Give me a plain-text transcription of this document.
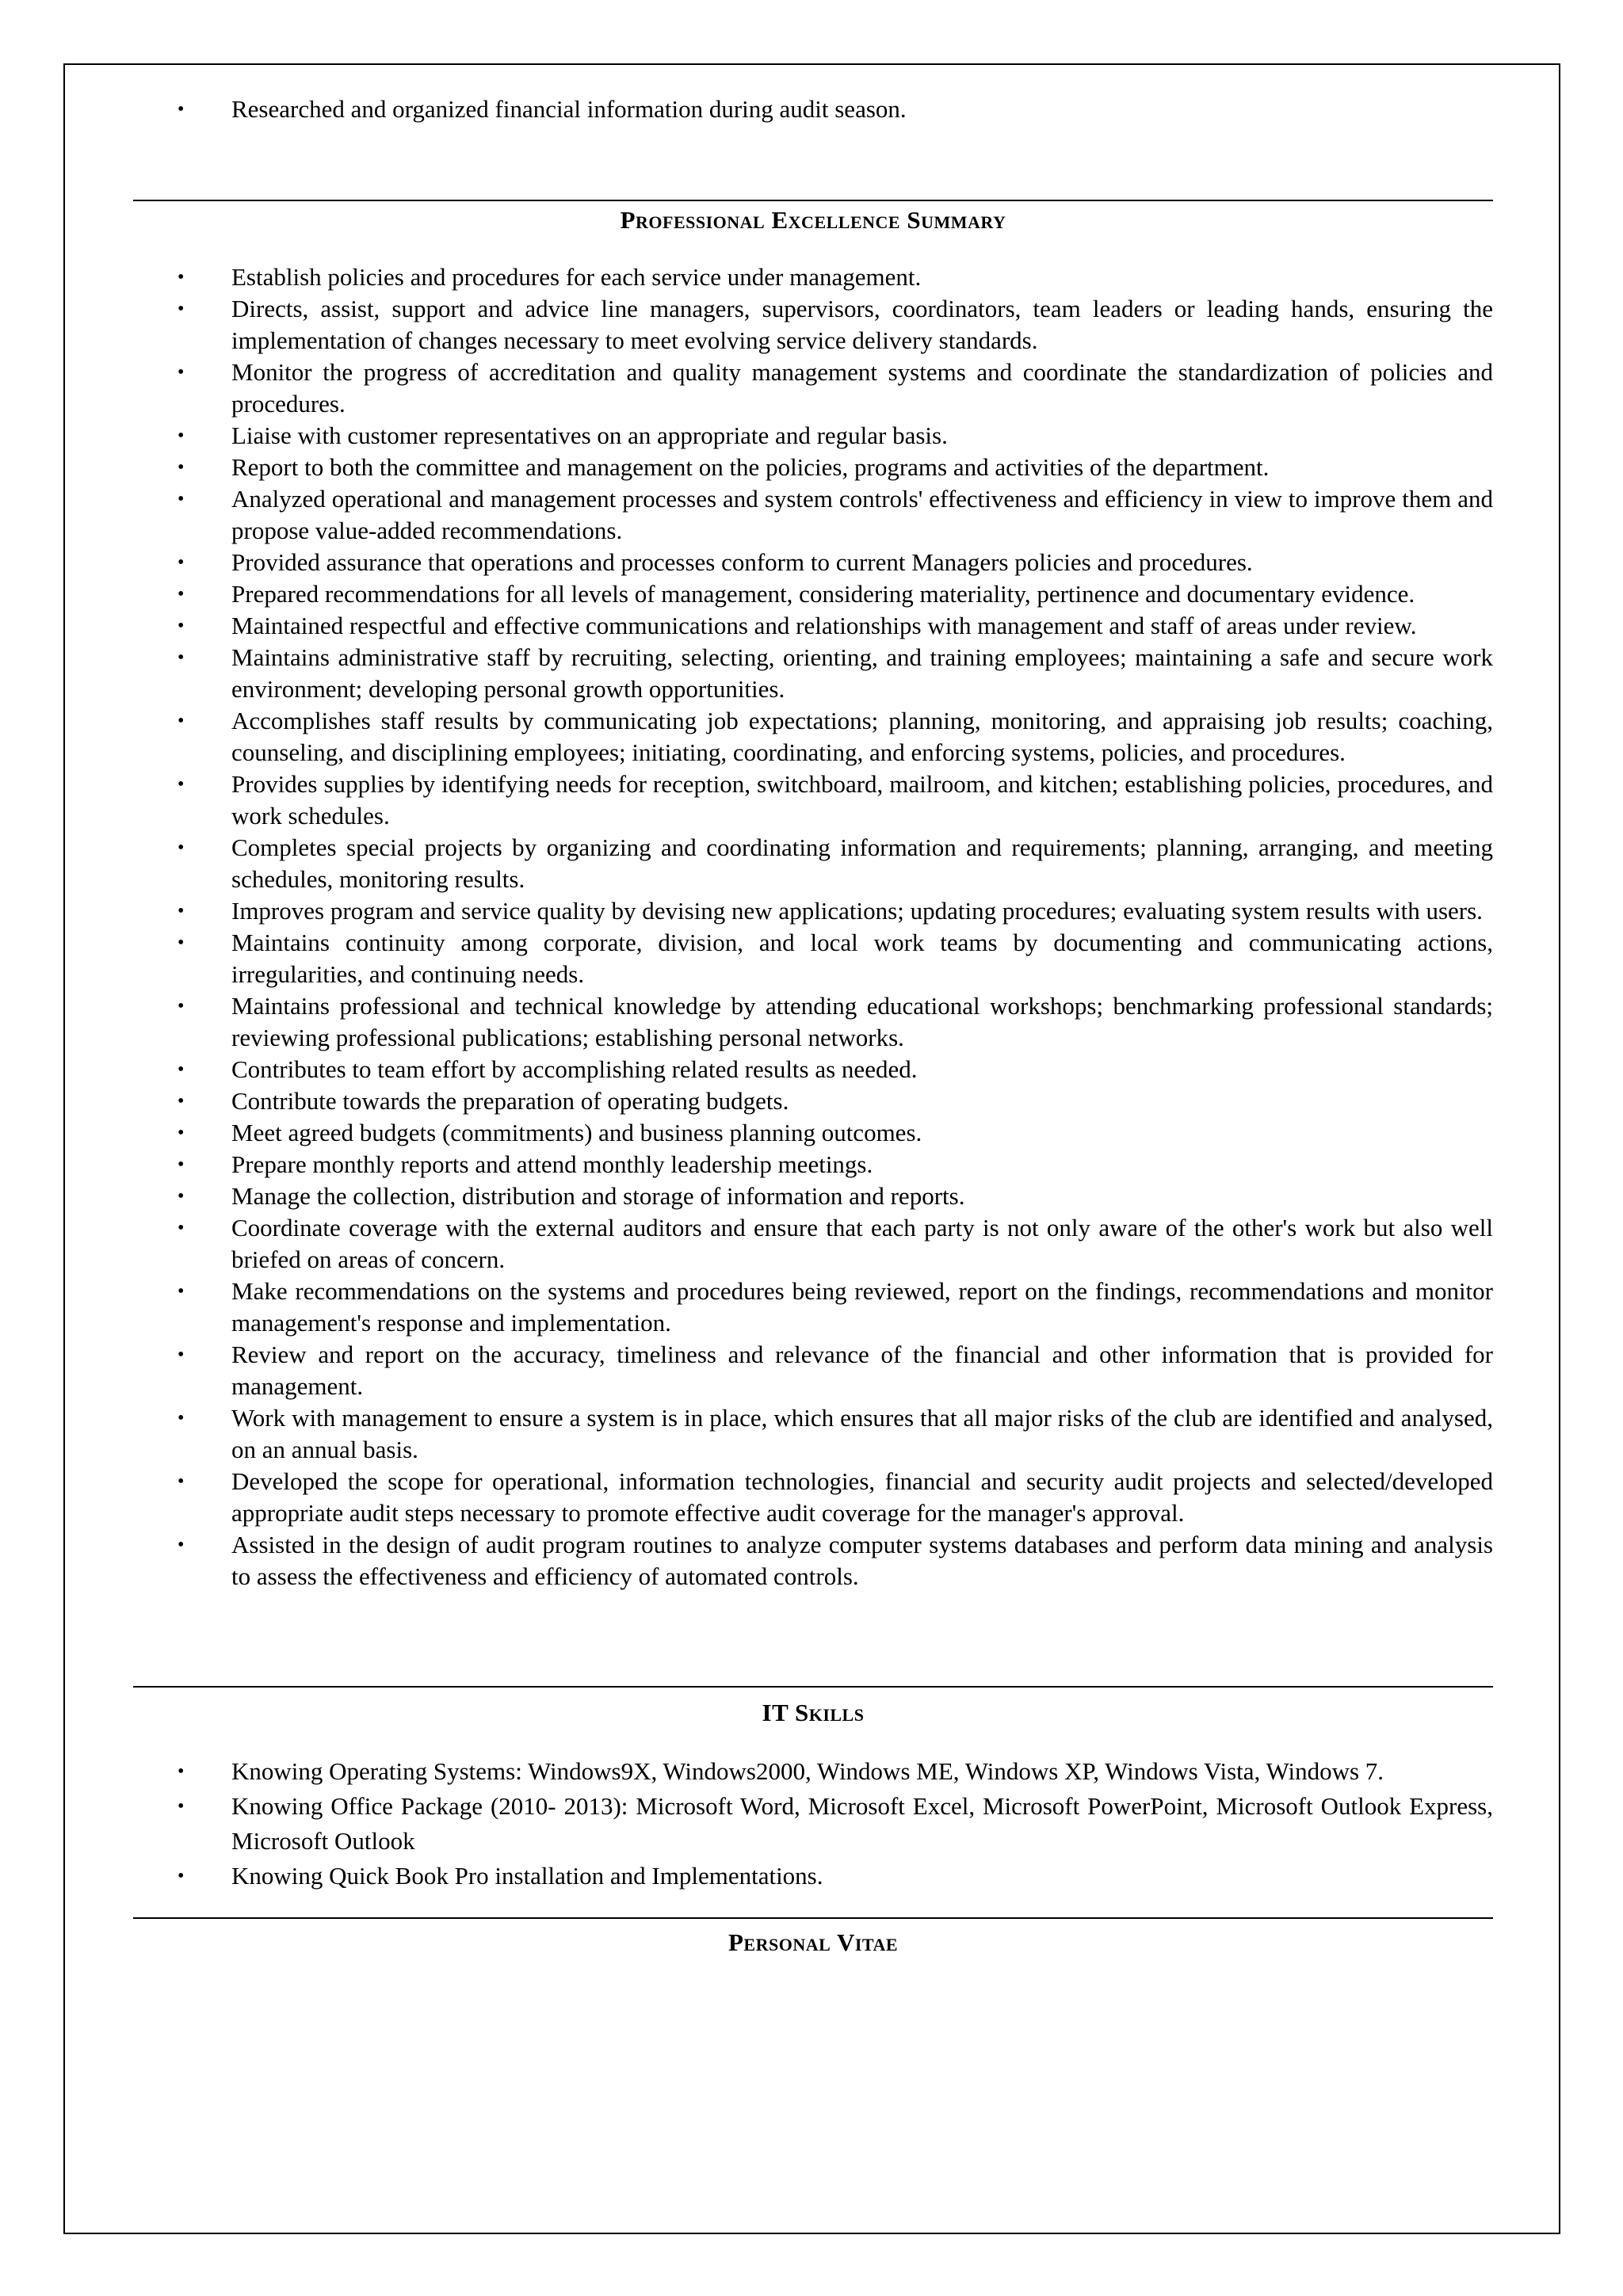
• Researched and organized financial information during audit season.
Professional Excellence Summary
• Establish policies and procedures for each service under management.
• Directs, assist, support and advice line managers, supervisors, coordinators, team leaders or leading hands, ensuring the implementation of changes necessary to meet evolving service delivery standards.
• Monitor the progress of accreditation and quality management systems and coordinate the standardization of policies and procedures.
• Liaise with customer representatives on an appropriate and regular basis.
• Report to both the committee and management on the policies, programs and activities of the department.
• Analyzed operational and management processes and system controls' effectiveness and efficiency in view to improve them and propose value-added recommendations.
• Provided assurance that operations and processes conform to current Managers policies and procedures.
• Prepared recommendations for all levels of management, considering materiality, pertinence and documentary evidence.
• Maintained respectful and effective communications and relationships with management and staff of areas under review.
• Maintains administrative staff by recruiting, selecting, orienting, and training employees; maintaining a safe and secure work environment; developing personal growth opportunities.
• Accomplishes staff results by communicating job expectations; planning, monitoring, and appraising job results; coaching, counseling, and disciplining employees; initiating, coordinating, and enforcing systems, policies, and procedures.
• Provides supplies by identifying needs for reception, switchboard, mailroom, and kitchen; establishing policies, procedures, and work schedules.
• Completes special projects by organizing and coordinating information and requirements; planning, arranging, and meeting schedules, monitoring results.
• Improves program and service quality by devising new applications; updating procedures; evaluating system results with users.
• Maintains continuity among corporate, division, and local work teams by documenting and communicating actions, irregularities, and continuing needs.
• Maintains professional and technical knowledge by attending educational workshops; benchmarking professional standards; reviewing professional publications; establishing personal networks.
• Contributes to team effort by accomplishing related results as needed.
• Contribute towards the preparation of operating budgets.
• Meet agreed budgets (commitments) and business planning outcomes.
• Prepare monthly reports and attend monthly leadership meetings.
• Manage the collection, distribution and storage of information and reports.
• Coordinate coverage with the external auditors and ensure that each party is not only aware of the other's work but also well briefed on areas of concern.
• Make recommendations on the systems and procedures being reviewed, report on the findings, recommendations and monitor management's response and implementation.
• Review and report on the accuracy, timeliness and relevance of the financial and other information that is provided for management.
• Work with management to ensure a system is in place, which ensures that all major risks of the club are identified and analysed, on an annual basis.
• Developed the scope for operational, information technologies, financial and security audit projects and selected/developed appropriate audit steps necessary to promote effective audit coverage for the manager's approval.
• Assisted in the design of audit program routines to analyze computer systems databases and perform data mining and analysis to assess the effectiveness and efficiency of automated controls.
IT Skills
• Knowing Operating Systems: Windows9X, Windows2000, Windows ME, Windows XP, Windows Vista, Windows 7.
• Knowing Office Package (2010- 2013): Microsoft Word, Microsoft Excel, Microsoft PowerPoint, Microsoft Outlook Express, Microsoft Outlook
• Knowing Quick Book Pro installation and Implementations.
Personal Vitae
